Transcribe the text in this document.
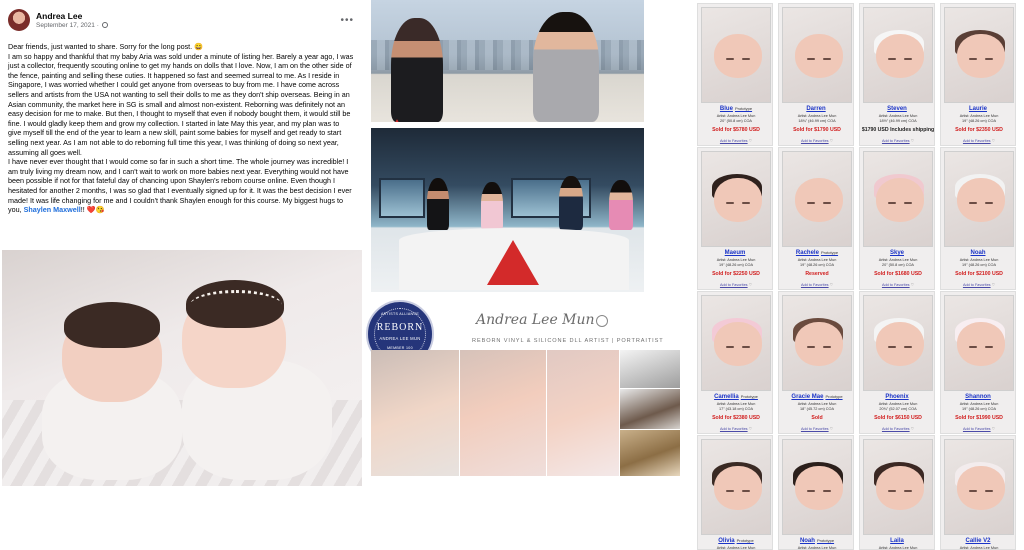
Andrea Lee
September 17, 2021 ·	•••

Dear friends, just wanted to share. Sorry for the long post. 😄

I am so happy and thankful that my baby Aria was sold under a minute of listing her. Barely a year ago, I was just a collector, frequently scouting online to get my hands on dolls that I love. Now, I am on the other side of the fence, painting and selling these cuties. It happened so fast and seemed surreal to me. As I reside in Singapore, I was worried whether I could get anyone from overseas to buy from me. I have come across sellers and artists from the USA not wanting to sell their dolls to me as they don't ship overseas. Being in an Asian community, the market here in SG is small and almost non-existent. Reborning was definitely not an easy decision for me to make. But then, I thought to myself that even if nobody bought them, it would still be fine. I would gladly keep them and grow my collection. I started in late May this year, and my plan was to give myself till the end of the year to learn a new skill, paint some babies for myself and get ready to start selling next year. As I am not able to do reborning full time this year, I was thinking of doing so next year, assuming all goes well.

I have never ever thought that I would come so far in such a short time. The whole journey was incredible! I am truly living my dream now, and I can't wait to work on more babies next year. Everything would not have been possible if not for that fateful day of chancing upon Shaylen's reborn course online. Even though I hesitated for another 2 months, I was so glad that I eventually signed up for it. It was the best decision I ever made! It was life changing for me and I couldn't thank Shaylen enough for this course. My biggest hugs to you, Shaylen Maxwell!! ❤️😘

ARTISTS ALLIANCE
REBORN
ANDREA LEE MUN
MEMBER 100
Andrea Lee Mun
REBORN VINYL & SILICONE DLL ARTIST | PORTRAITIST
Blue Prototype
Artist: Andrea Lee Mun
20" (50.8 cm) COA
Sold for $5780 USD
Add to Favorites ♡
Darren
Artist: Andrea Lee Mun
18¾" (46.99 cm) COA
Sold for $1790 USD
Add to Favorites ♡
Steven
Artist: Andrea Lee Mun
18½" (46.99 cm) COA
$1790 USD Includes shipping
Add to Favorites ♡
Laurie
Artist: Andrea Lee Mun
19" (48.26 cm) COA
Sold for $2350 USD
Add to Favorites ♡
Maeum
Artist: Andrea Lee Mun
19" (48.26 cm) COA
Sold for $2250 USD
Add to Favorites ♡
Rachele Prototype
Artist: Andrea Lee Mun
19" (48.26 cm) COA
Reserved
Add to Favorites ♡
Skye
Artist: Andrea Lee Mun
20" (50.8 cm) COA
Sold for $1680 USD
Add to Favorites ♡
Noah
Artist: Andrea Lee Mun
19" (48.26 cm) COA
Sold for $2100 USD
Add to Favorites ♡
Camellia Prototype
Artist: Andrea Lee Mun
17" (43.18 cm) COA
Sold for $2380 USD
Add to Favorites ♡
Gracie Mae Prototype
Artist: Andrea Lee Mun
18" (45.72 cm) COA
Sold
Add to Favorites ♡
Phoenix
Artist: Andrea Lee Mun
20¾" (52.07 cm) COA
Sold for $6150 USD
Add to Favorites ♡
Shannon
Artist: Andrea Lee Mun
19" (48.26 cm) COA
Sold for $1990 USD
Add to Favorites ♡
Olivia Prototype
Artist: Andrea Lee Mun
Noah Prototype
Artist: Andrea Lee Mun
Laila
Artist: Andrea Lee Mun
Callie V2
Artist: Andrea Lee Mun
